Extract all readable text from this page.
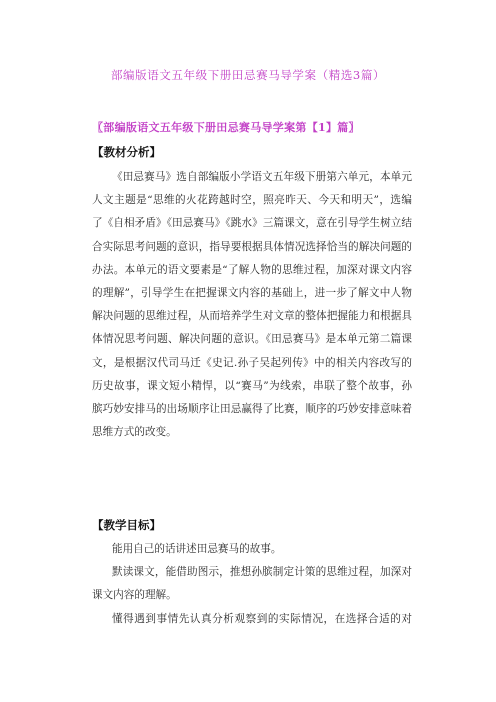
部编版语文五年级下册田忌赛马导学案（精选3篇）
〖部编版语文五年级下册田忌赛马导学案第【1】篇〗
【教材分析】
《田忌赛马》选自部编版小学语文五年级下册第六单元，本单元
人文主题是“思维的火花跨越时空，照亮昨天、今天和明天”，选编
了《自相矛盾》《田忌赛马》《跳水》三篇课文，意在引导学生树立结
合实际思考问题的意识，指导要根据具体情况选择恰当的解决问题的
办法。本单元的语文要素是“了解人物的思维过程，加深对课文内容
的理解”，引导学生在把握课文内容的基础上，进一步了解文中人物
解决问题的思维过程，从而培养学生对文章的整体把握能力和根据具
体情况思考问题、解决问题的意识。《田忌赛马》是本单元第二篇课
文，是根据汉代司马迁《史记.孙子吴起列传》中的相关内容改写的
历史故事，课文短小精悍，以“赛马”为线索，串联了整个故事，孙
膑巧妙安排马的出场顺序让田忌赢得了比赛，顺序的巧妙安排意味着
思维方式的改变。
【教学目标】
能用自己的话讲述田忌赛马的故事。
默读课文，能借助图示，推想孙膑制定计策的思维过程，加深对
课文内容的理解。
懂得遇到事情先认真分析观察到的实际情况，在选择合适的对
